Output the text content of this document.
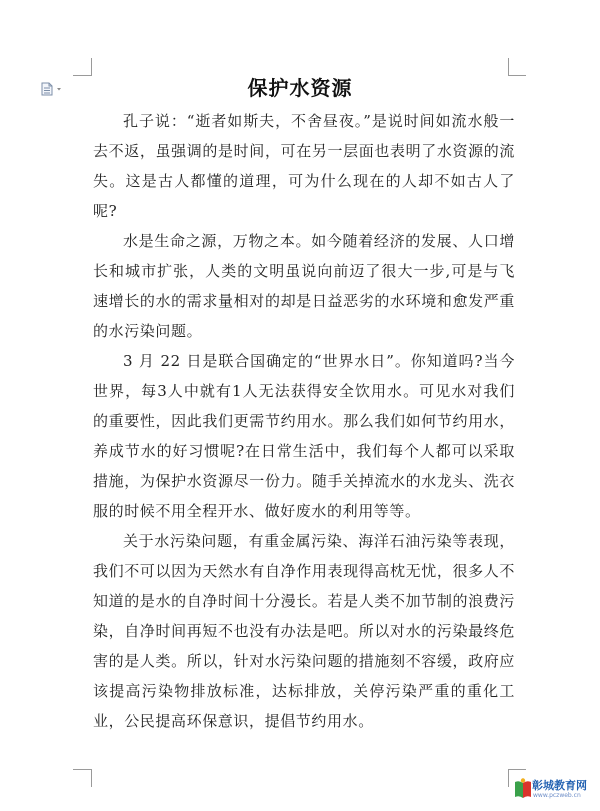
保护水资源

孔子说：“逝者如斯夫，不舍昼夜。”是说时间如流水般一去不返，虽强调的是时间，可在另一层面也表明了水资源的流失。这是古人都懂的道理，可为什么现在的人却不如古人了呢?

水是生命之源，万物之本。如今随着经济的发展、人口增长和城市扩张，人类的文明虽说向前迈了很大一步,可是与飞速增长的水的需求量相对的却是日益恶劣的水环境和愈发严重的水污染问题。

3 月 22 日是联合国确定的“世界水日”。你知道吗?当今世界，每3人中就有1人无法获得安全饮用水。可见水对我们的重要性，因此我们更需节约用水。那么我们如何节约用水，养成节水的好习惯呢?在日常生活中，我们每个人都可以采取措施，为保护水资源尽一份力。随手关掉流水的水龙头、洗衣服的时候不用全程开水、做好废水的利用等等。

关于水污染问题，有重金属污染、海洋石油污染等表现，我们不可以因为天然水有自净作用表现得高枕无忧，很多人不知道的是水的自净时间十分漫长。若是人类不加节制的浪费污染，自净时间再短不也没有办法是吧。所以对水的污染最终危害的是人类。所以，针对水污染问题的措施刻不容缓，政府应该提高污染物排放标准，达标排放，关停污染严重的重化工业，公民提高环保意识，提倡节约用水。

彰城教育网
www.pczweb.cn
